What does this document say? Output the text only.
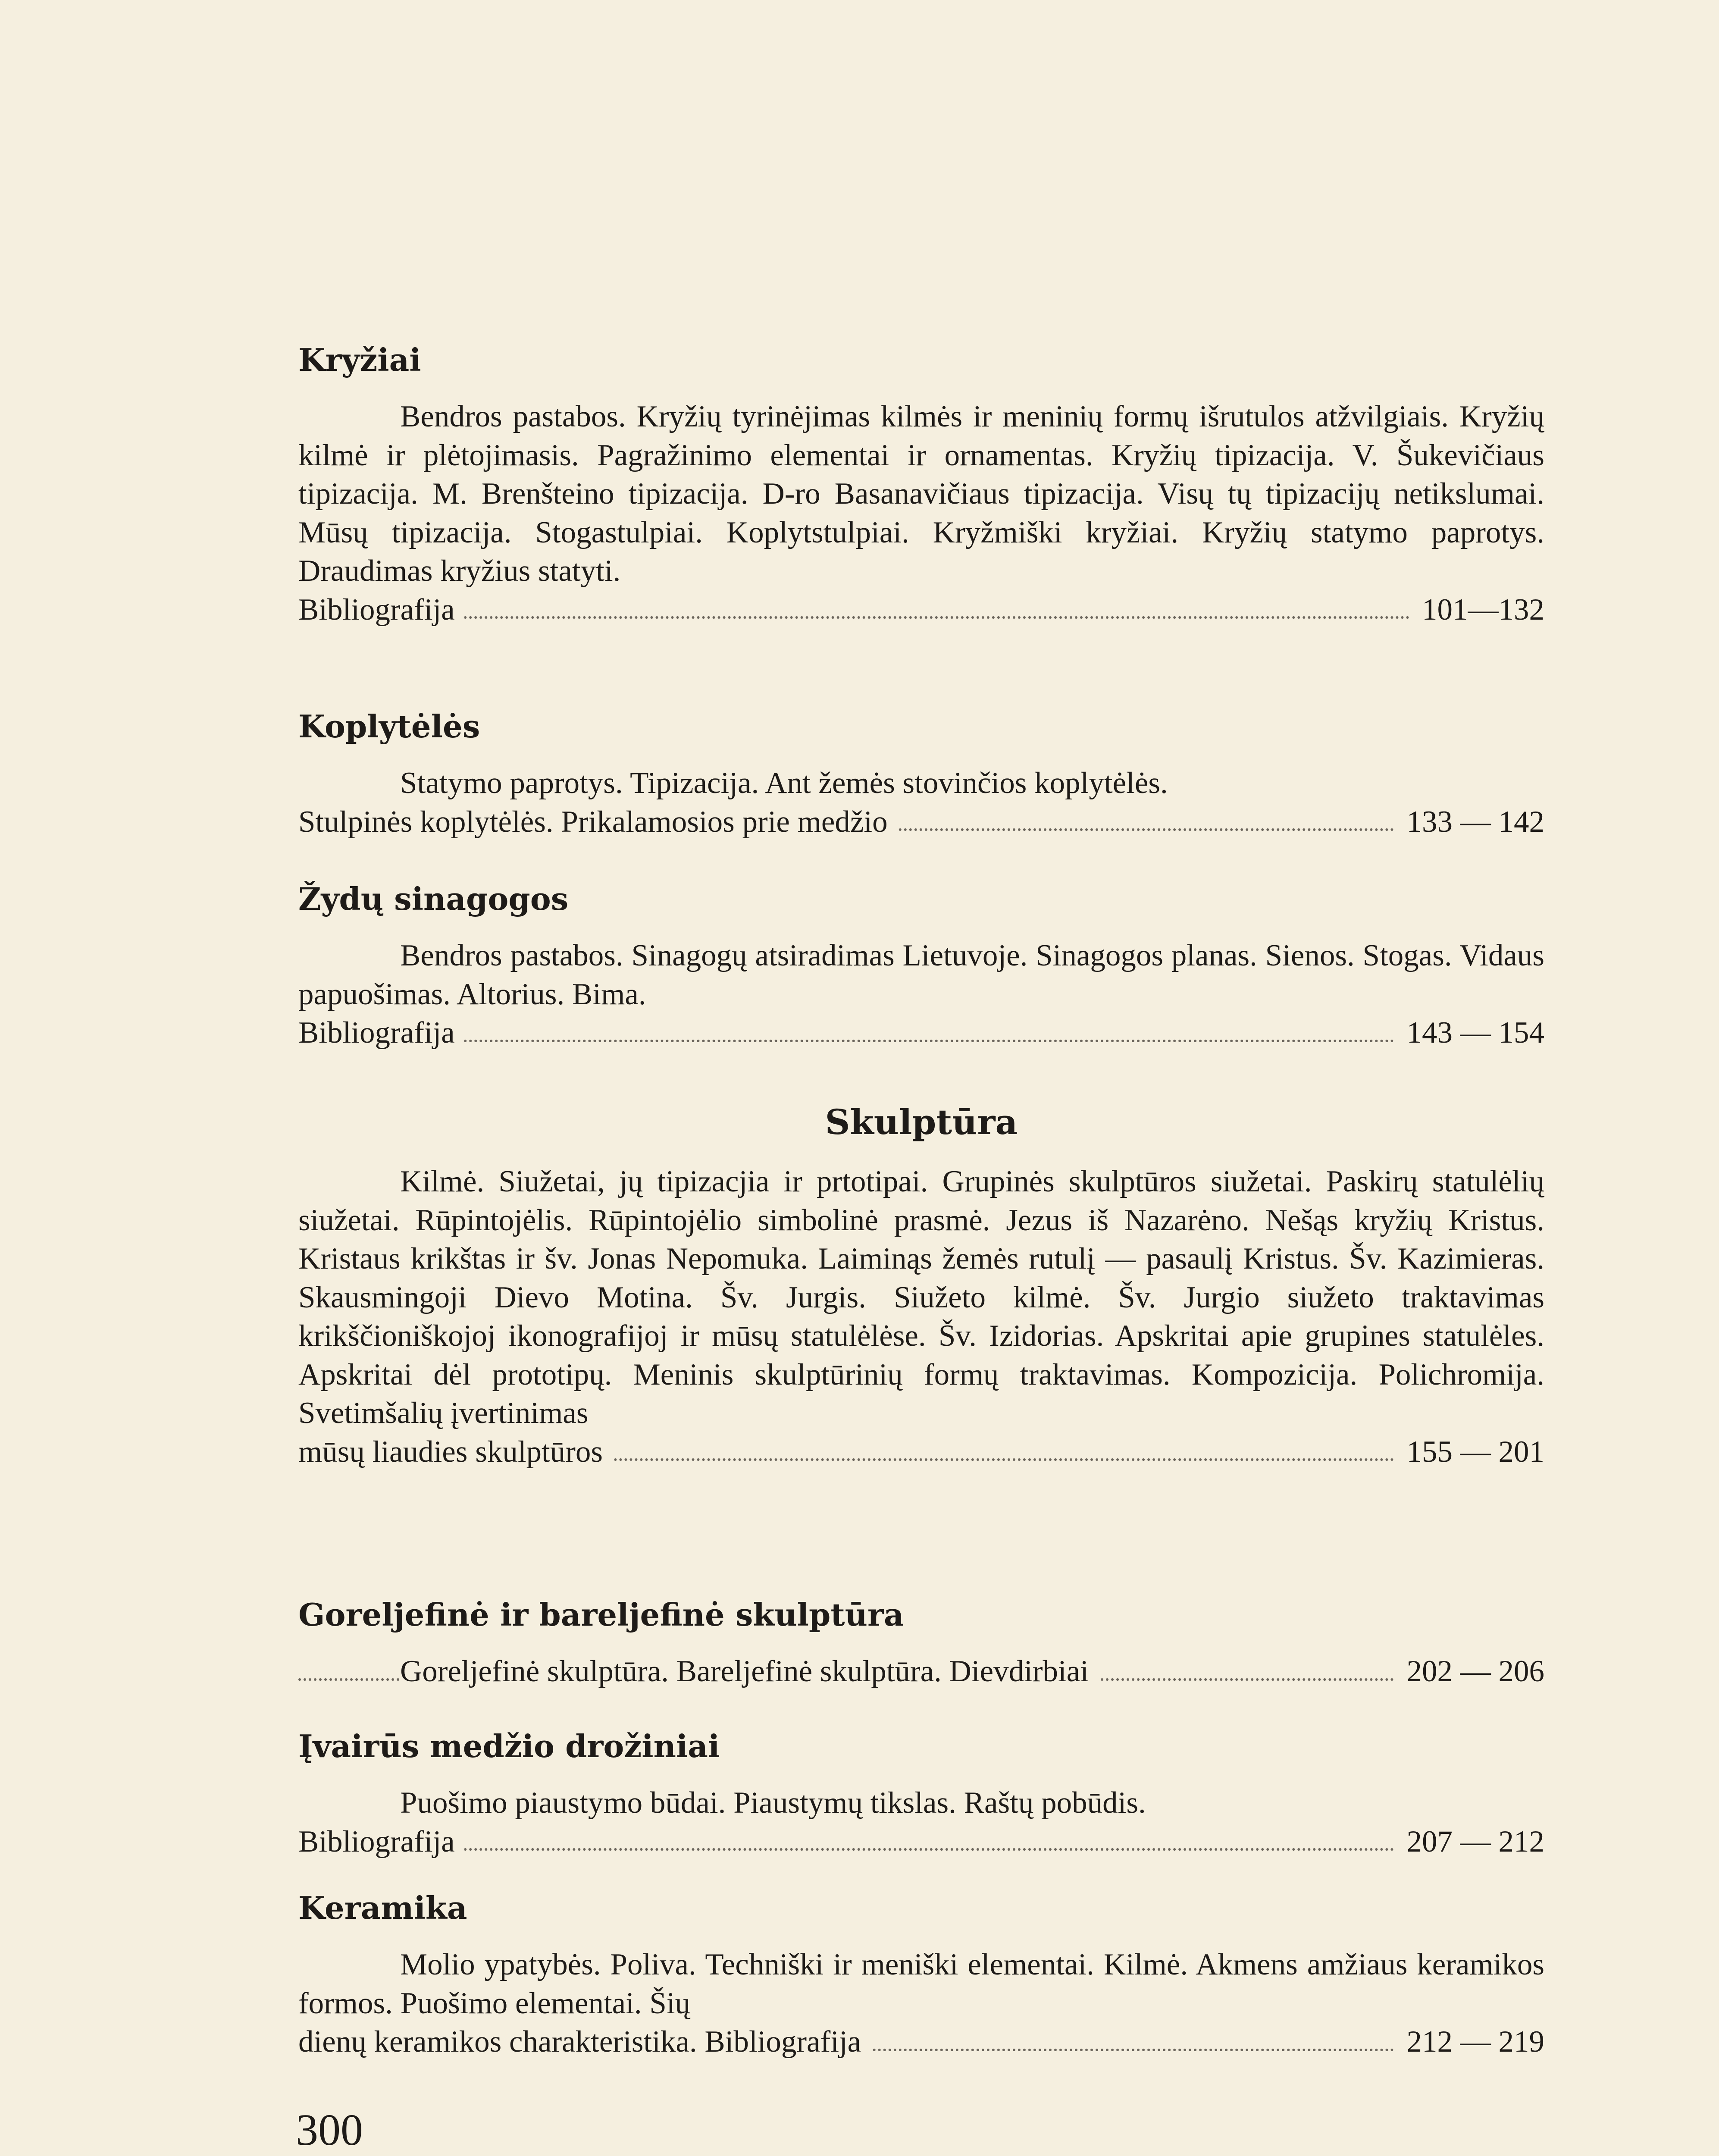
Kryžiai
Bendros pastabos. Kryžių tyrinėjimas kilmės ir meninių formų išrutulos atžvilgiais. Kryžių kilmė ir plėtojimasis. Pagražinimo elementai ir ornamentas. Kryžių tipizacija. V. Šukevičiaus tipizacija. M. Brenšteino tipizacija. D-ro Basanavičiaus tipizacija. Visų tų tipizacijų netikslumai. Mūsų tipizacija. Stogastulpiai. Koplytstulpiai. Kryžmiški kryžiai. Kryžių statymo paprotys. Draudimas kryžius statyti.
Bibliografija	101—132
Koplytėlės
Statymo paprotys. Tipizacija. Ant žemės stovinčios koplytėlės.
Stulpinės koplytėlės. Prikalamosios prie medžio	133 — 142
Žydų sinagogos
Bendros pastabos. Sinagogų atsiradimas Lietuvoje. Sinagogos planas. Sienos. Stogas. Vidaus papuošimas. Altorius. Bima.
Bibliografija	143 — 154
Skulptūra
Kilmė. Siužetai, jų tipizacjia ir prtotipai. Grupinės skulptūros siužetai. Paskirų statulėlių siužetai. Rūpintojėlis. Rūpintojėlio simbolinė prasmė. Jezus iš Nazarėno. Nešąs kryžių Kristus. Kristaus krikštas ir šv. Jonas Nepomuka. Laiminąs žemės rutulį — pasaulį Kristus. Šv. Kazimieras. Skausmingoji Dievo Motina. Šv. Jurgis. Siužeto kilmė. Šv. Jurgio siužeto traktavimas krikščioniškojoj ikonografijoj ir mūsų statulėlėse. Šv. Izidorias. Apskritai apie grupines statulėles. Apskritai dėl prototipų. Meninis skulptūrinių formų traktavimas. Kompozicija. Polichromija. Svetimšalių įvertinimas
mūsų liaudies skulptūros	155 — 201
Goreljefinė ir bareljefinė skulptūra
Goreljefinė skulptūra. Bareljefinė skulptūra. Dievdirbiai	202 — 206
Įvairūs medžio drožiniai
Puošimo piaustymo būdai. Piaustymų tikslas. Raštų pobūdis.
Bibliografija	207 — 212
Keramika
Molio ypatybės. Poliva. Techniški ir meniški elementai. Kilmė. Akmens amžiaus keramikos formos. Puošimo elementai. Šių
dienų keramikos charakteristika. Bibliografija	212 — 219
300
